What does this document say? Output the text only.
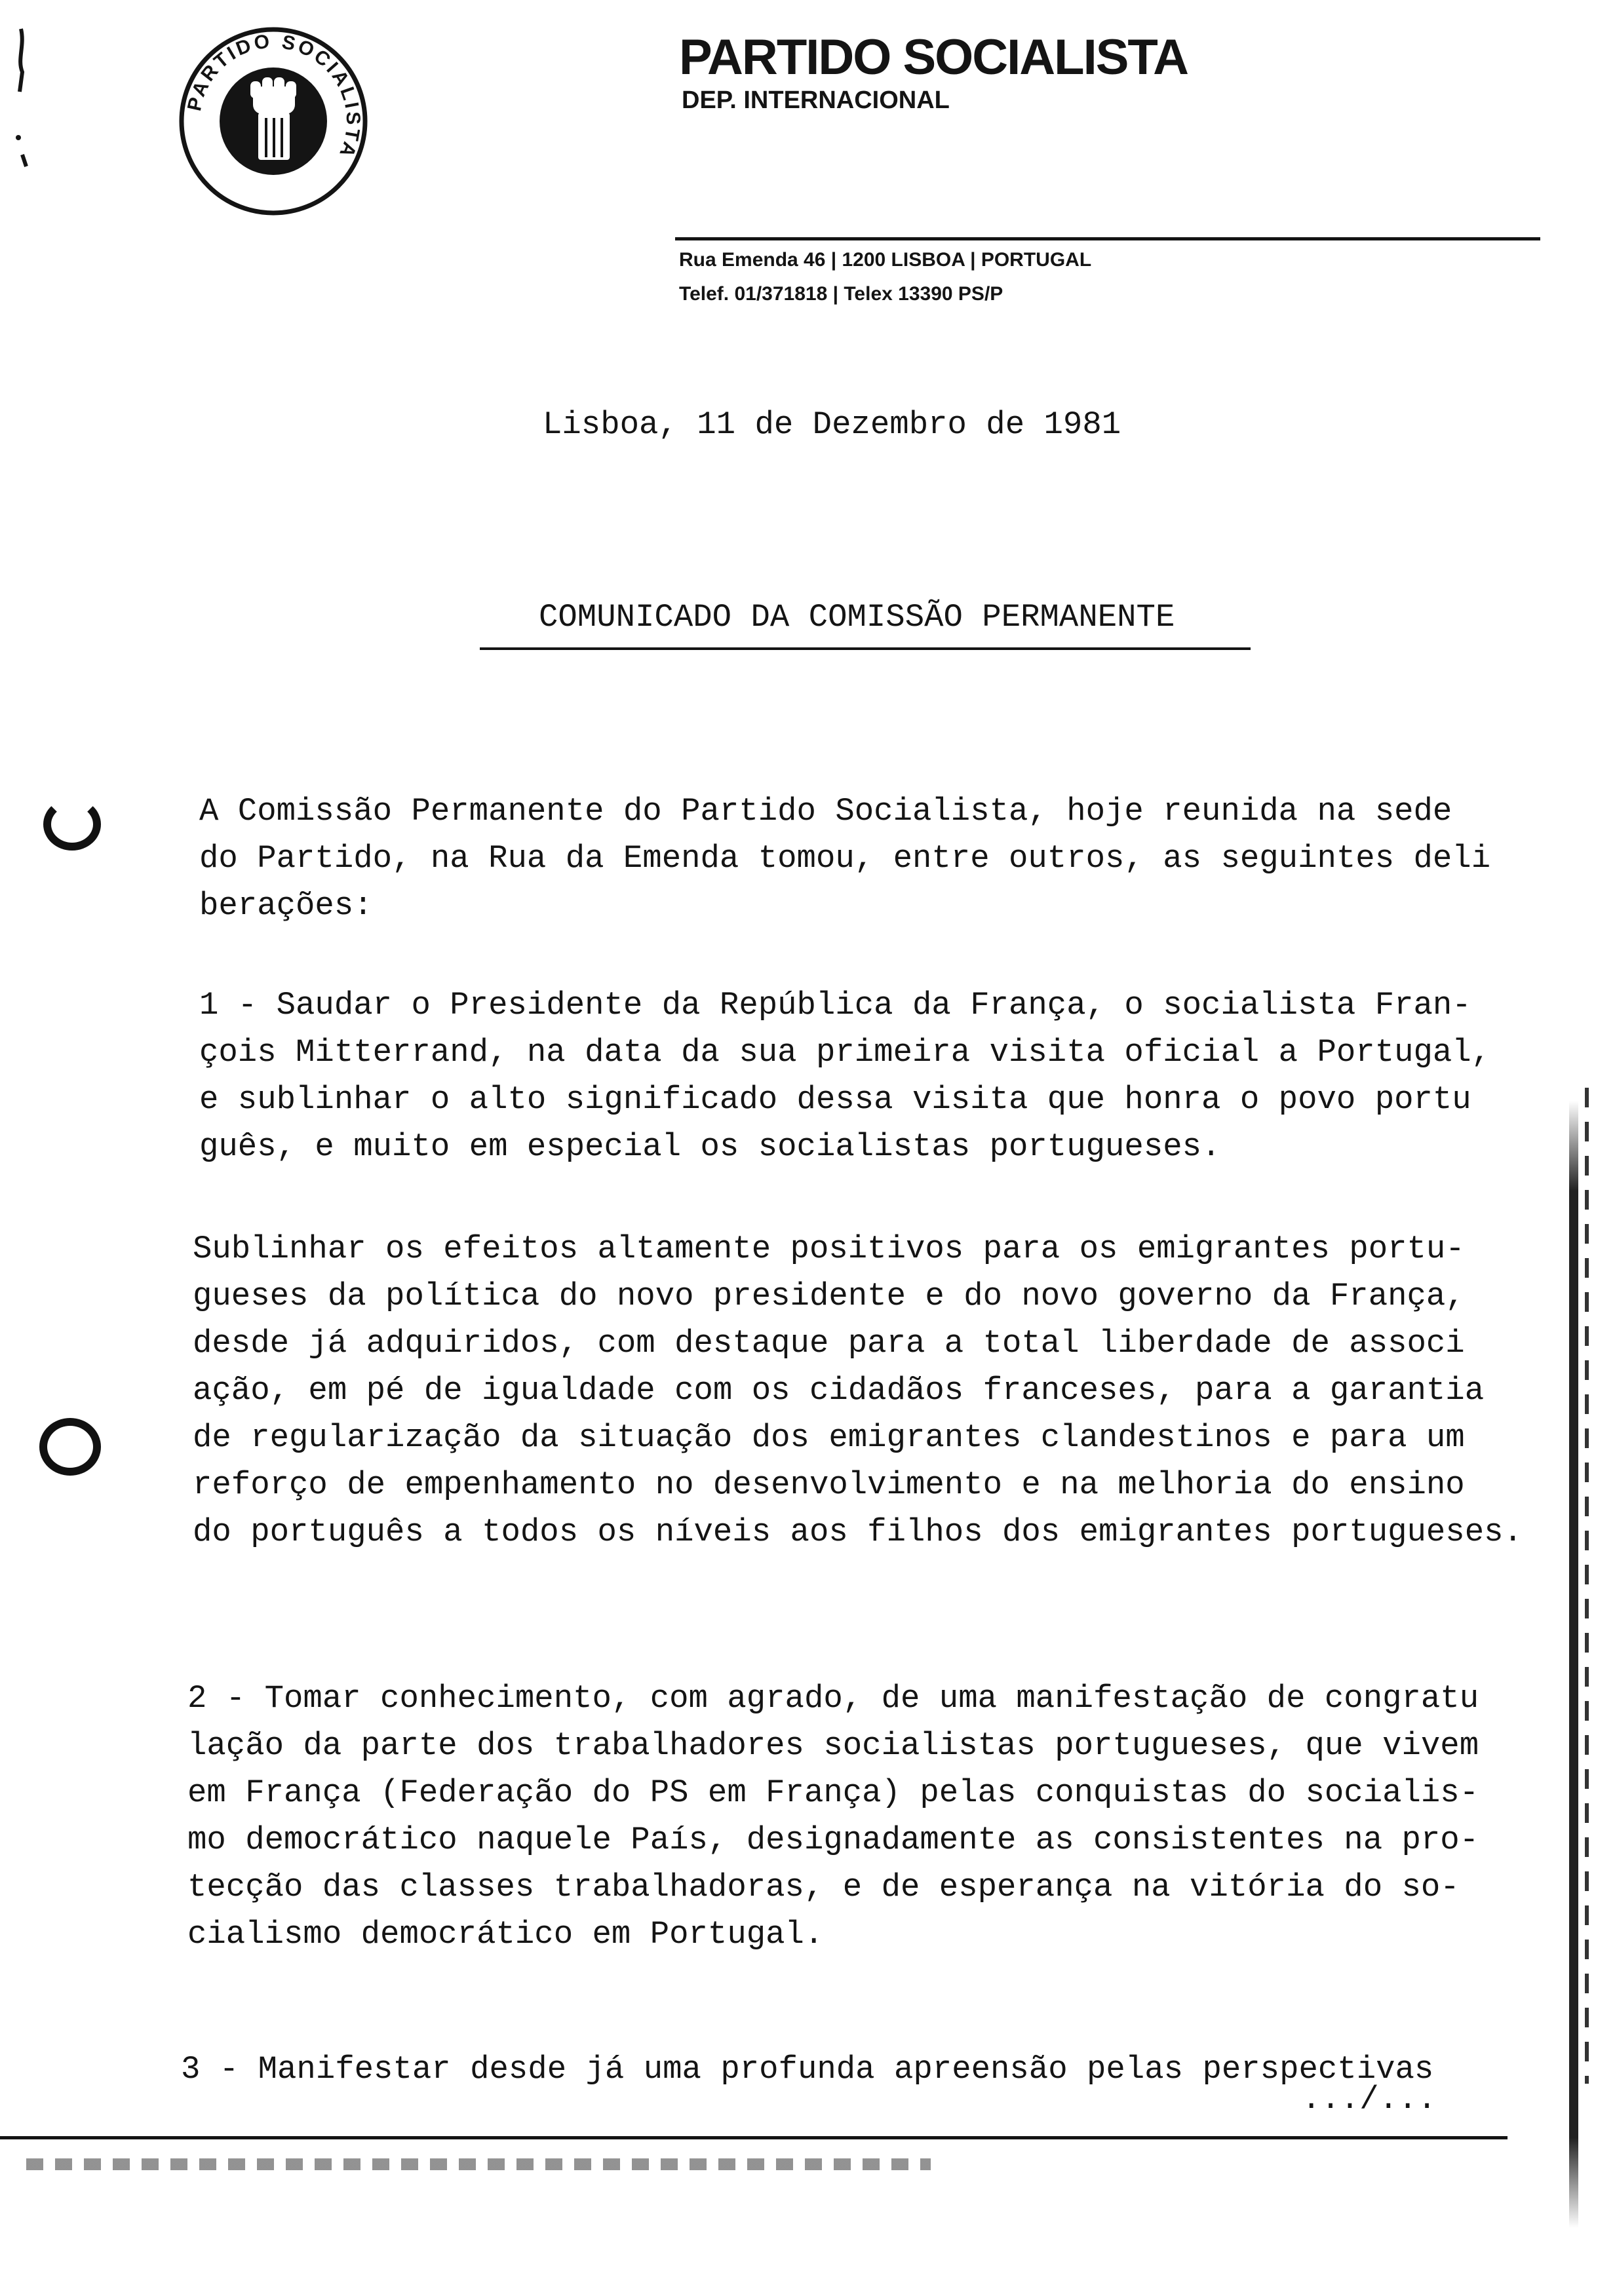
PARTIDO SOCIALISTA
PARTIDO SOCIALISTA
DEP. INTERNACIONAL
Rua Emenda 46 | 1200 LISBOA | PORTUGAL
Telef. 01/371818 | Telex 13390 PS/P
Lisboa, 11 de Dezembro de 1981
COMUNICADO DA COMISSÃO PERMANENTE
A Comissão Permanente do Partido Socialista, hoje reunida na sede
do Partido, na Rua da Emenda tomou, entre outros, as seguintes deli
berações:
1 - Saudar o Presidente da República da França, o socialista Fran-
çois Mitterrand, na data da sua primeira visita oficial a Portugal,
e sublinhar o alto significado dessa visita que honra o povo portu
guês, e muito em especial os socialistas portugueses.
Sublinhar os efeitos altamente positivos para os emigrantes portu-
gueses da política do novo presidente e do novo governo da França,
desde já adquiridos, com destaque para a total liberdade de associ
ação, em pé de igualdade com os cidadãos franceses, para a garantia
de regularização da situação dos emigrantes clandestinos e para um
reforço de empenhamento no desenvolvimento e na melhoria do ensino
do português a todos os níveis aos filhos dos emigrantes portugueses.
2 - Tomar conhecimento, com agrado, de uma manifestação de congratu
lação da parte dos trabalhadores socialistas portugueses, que vivem
em França (Federação do PS em França) pelas conquistas do socialis-
mo democrático naquele País, designadamente as consistentes na pro-
tecção das classes trabalhadoras, e de esperança na vitória do so-
cialismo democrático em Portugal.
3 - Manifestar desde já uma profunda apreensão pelas perspectivas
.../...
